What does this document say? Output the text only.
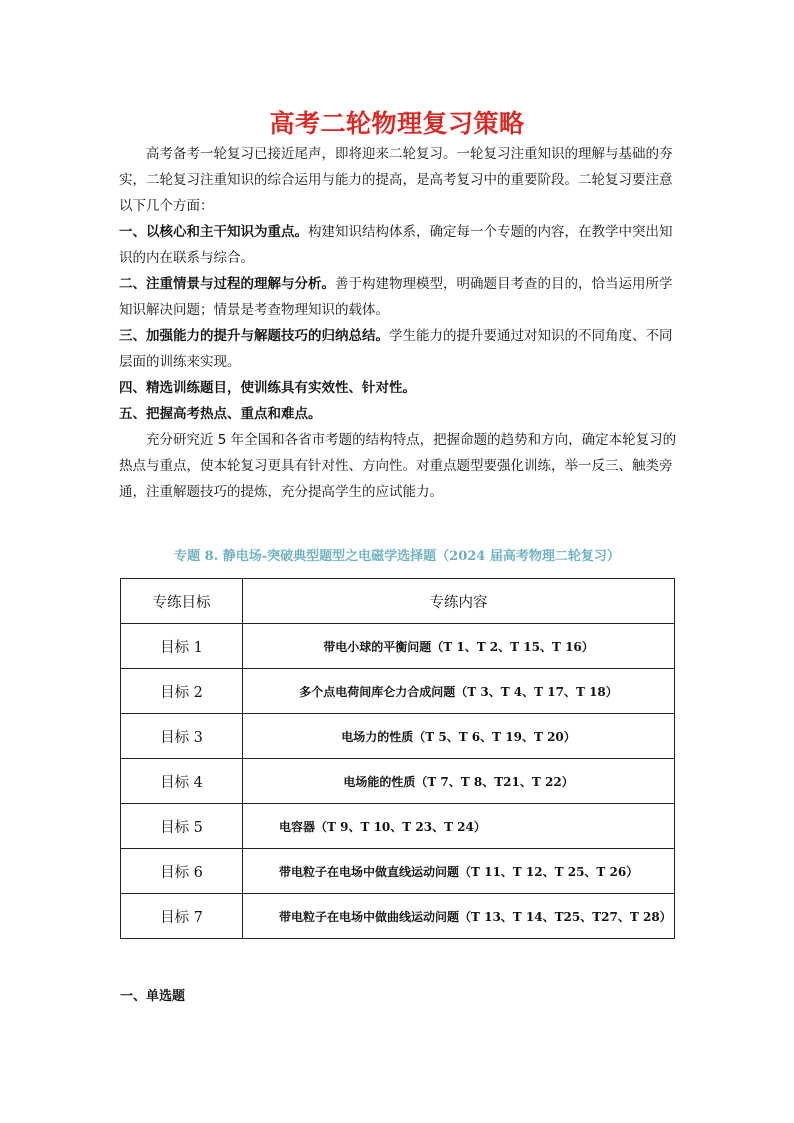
高考二轮物理复习策略

高考备考一轮复习已接近尾声，即将迎来二轮复习。一轮复习注重知识的理解与基础的夯实，二轮复习注重知识的综合运用与能力的提高，是高考复习中的重要阶段。二轮复习要注意以下几个方面：

一、以核心和主干知识为重点。构建知识结构体系，确定每一个专题的内容，在教学中突出知识的内在联系与综合。

二、注重情景与过程的理解与分析。善于构建物理模型，明确题目考查的目的，恰当运用所学知识解决问题；情景是考查物理知识的载体。

三、加强能力的提升与解题技巧的归纳总结。学生能力的提升要通过对知识的不同角度、不同层面的训练来实现。

四、精选训练题目，使训练具有实效性、针对性。

五、把握高考热点、重点和难点。

充分研究近 5 年全国和各省市考题的结构特点，把握命题的趋势和方向，确定本轮复习的热点与重点，使本轮复习更具有针对性、方向性。对重点题型要强化训练，举一反三、触类旁通，注重解题技巧的提炼，充分提高学生的应试能力。

专题 8. 静电场-突破典型题型之电磁学选择题（2024 届高考物理二轮复习）
专练目标	专练内容
目标 1	带电小球的平衡问题（T 1、T 2、T 15、T 16）
目标 2	多个点电荷间库仑力合成问题（T 3、T 4、T 17、T 18）
目标 3	电场力的性质（T 5、T 6、T 19、T 20）
目标 4	电场能的性质（T 7、T 8、T21、T 22）
目标 5	电容器（T 9、T 10、T 23、T 24）
目标 6	带电粒子在电场中做直线运动问题（T 11、T 12、T 25、T 26）
目标 7	带电粒子在电场中做曲线运动问题（T 13、T 14、T25、T27、T 28）
一、单选题
